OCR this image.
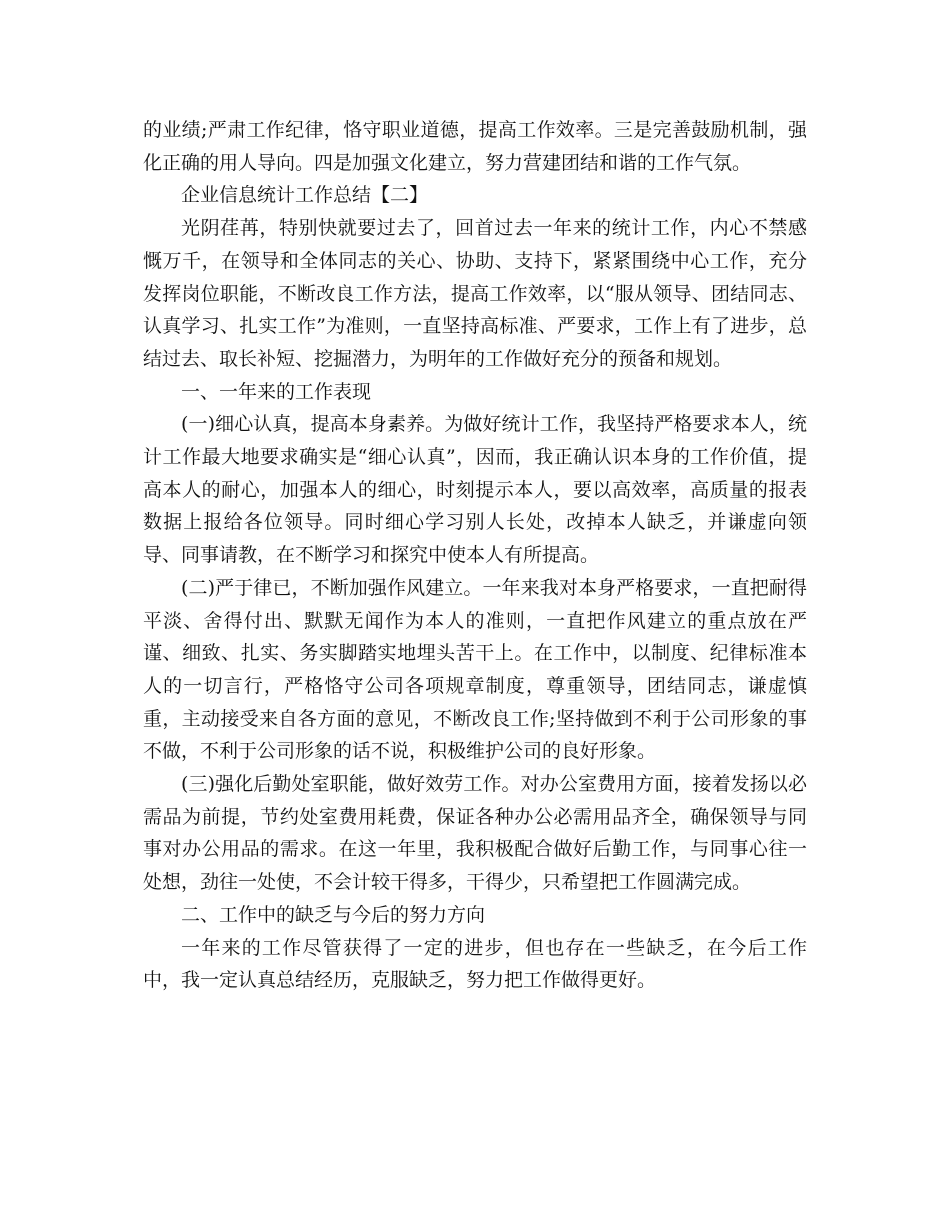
的业绩;严肃工作纪律，恪守职业道德，提高工作效率。三是完善鼓励机制，强化正确的用人导向。四是加强文化建立，努力营建团结和谐的工作气氛。

企业信息统计工作总结【二】

光阴荏苒，特别快就要过去了，回首过去一年来的统计工作，内心不禁感慨万千，在领导和全体同志的关心、协助、支持下，紧紧围绕中心工作，充分发挥岗位职能，不断改良工作方法，提高工作效率，以“服从领导、团结同志、认真学习、扎实工作”为准则，一直坚持高标准、严要求，工作上有了进步，总结过去、取长补短、挖掘潜力，为明年的工作做好充分的预备和规划。

一、一年来的工作表现

(一)细心认真，提高本身素养。为做好统计工作，我坚持严格要求本人，统计工作最大地要求确实是“细心认真”，因而，我正确认识本身的工作价值，提高本人的耐心，加强本人的细心，时刻提示本人，要以高效率，高质量的报表数据上报给各位领导。同时细心学习别人长处，改掉本人缺乏，并谦虚向领导、同事请教，在不断学习和探究中使本人有所提高。

(二)严于律已，不断加强作风建立。一年来我对本身严格要求，一直把耐得平淡、舍得付出、默默无闻作为本人的准则，一直把作风建立的重点放在严谨、细致、扎实、务实脚踏实地埋头苦干上。在工作中，以制度、纪律标准本人的一切言行，严格恪守公司各项规章制度，尊重领导，团结同志，谦虚慎重，主动接受来自各方面的意见，不断改良工作;坚持做到不利于公司形象的事不做，不利于公司形象的话不说，积极维护公司的良好形象。

(三)强化后勤处室职能，做好效劳工作。对办公室费用方面，接着发扬以必需品为前提，节约处室费用耗费，保证各种办公必需用品齐全，确保领导与同事对办公用品的需求。在这一年里，我积极配合做好后勤工作，与同事心往一处想，劲往一处使，不会计较干得多，干得少，只希望把工作圆满完成。

二、工作中的缺乏与今后的努力方向

一年来的工作尽管获得了一定的进步，但也存在一些缺乏，在今后工作中，我一定认真总结经历，克服缺乏，努力把工作做得更好。
